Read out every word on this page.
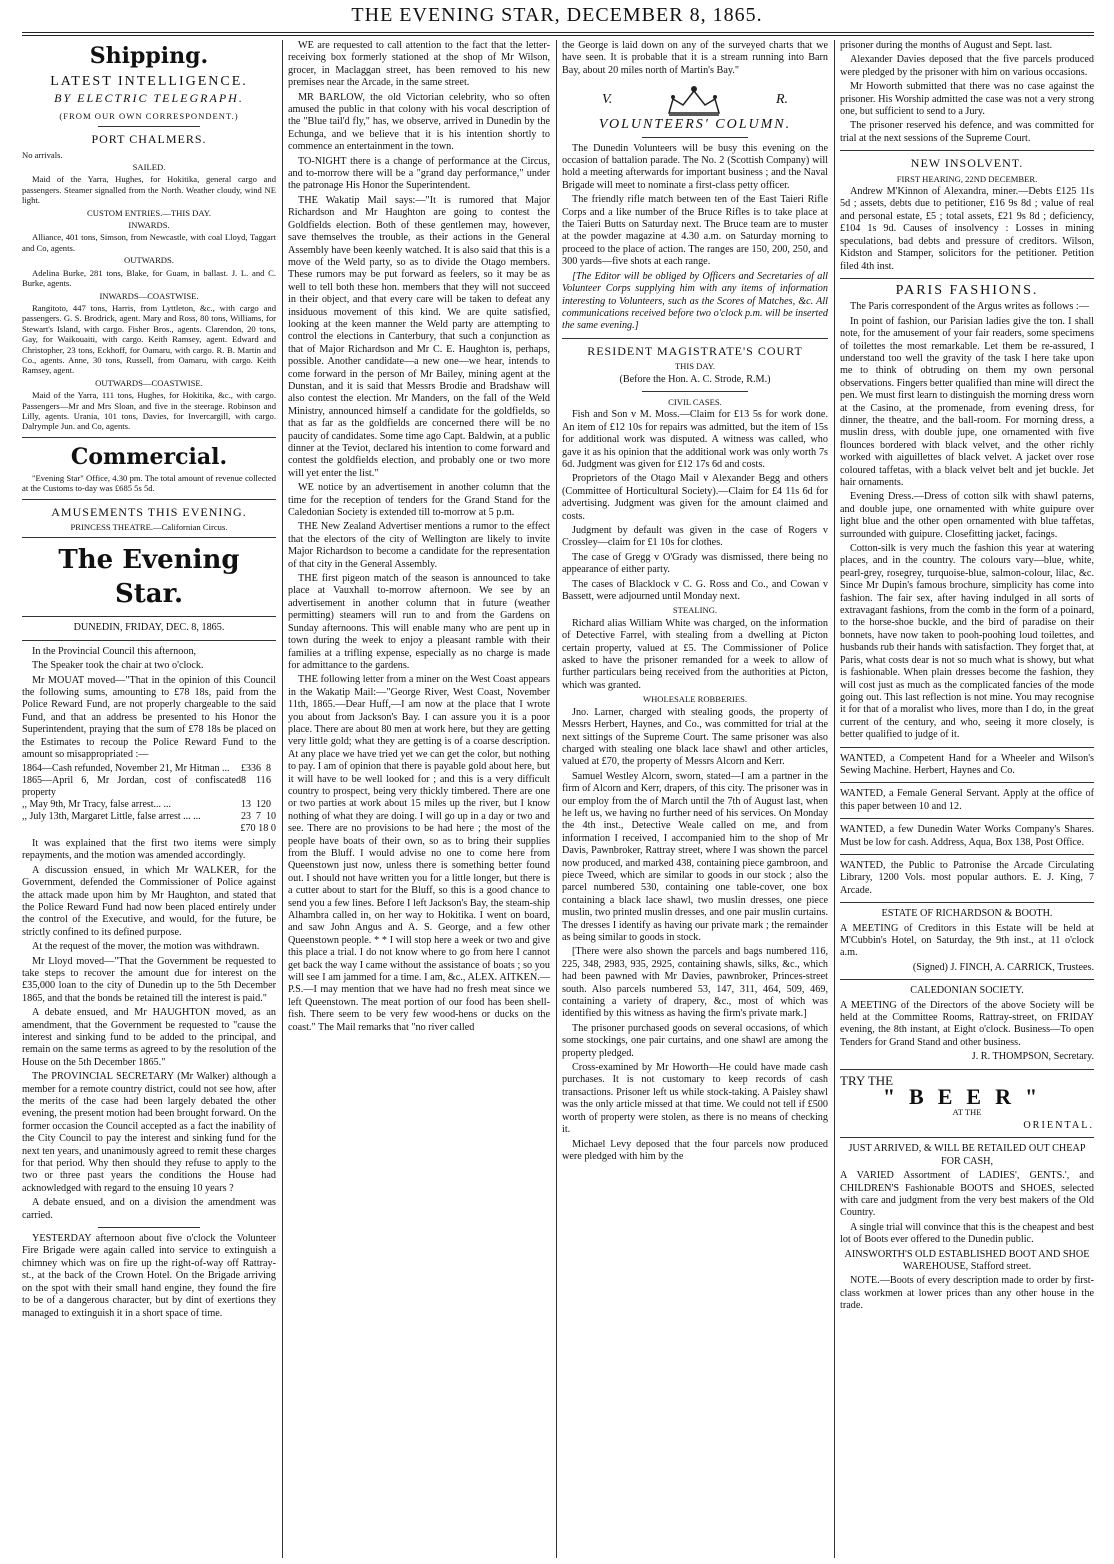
THE EVENING STAR, DECEMBER 8, 1865.
Shipping.
LATEST INTELLIGENCE.
BY ELECTRIC TELEGRAPH.
(FROM OUR OWN CORRESPONDENT.)
PORT CHALMERS.

No arrivals.

SAILED.

Maid of the Yarra, Hughes, for Hokitika, general cargo and passengers. Steamer signalled from the North. Weather cloudy, wind NE light.

CUSTOM ENTRIES.—THIS DAY.

INWARDS.

Alliance, 401 tons, Simson, from Newcastle, with coal Lloyd, Taggart and Co, agents.

OUTWARDS.

Adelina Burke, 281 tons, Blake, for Guam, in ballast. J. L. and C. Burke, agents.

INWARDS—COASTWISE.

Rangitoto, 447 tons, Harris, from Lyttleton, &c., with cargo and passengers. G. S. Brodrick, agent. Mary and Ross, 80 tons, Williams, for Stewart's Island, with cargo. Fisher Bros., agents. Clarendon, 20 tons, Gay, for Waikouaiti, with cargo. Keith Ramsey, agent. Edward and Christopher, 23 tons, Eckhoff, for Oamaru, with cargo. R. B. Martin and Co., agents. Anne, 30 tons, Russell, from Oamaru, with cargo. Keith Ramsey, agent.

OUTWARDS—COASTWISE.

Maid of the Yarra, 111 tons, Hughes, for Hokitika, &c., with cargo. Passengers—Mr and Mrs Sloan, and five in the steerage. Robinson and Lilly, agents. Urania, 101 tons, Davies, for Invercargill, with cargo. Dalrymple Jun. and Co, agents.

Commercial.

"Evening Star" Office, 4.30 pm. The total amount of revenue collected at the Customs to-day was £685 5s 5d.

AMUSEMENTS THIS EVENING.

PRINCESS THEATRE.—Californian Circus.

The Evening Star.

DUNEDIN, FRIDAY, DEC. 8, 1865.

In the Provincial Council this afternoon,

The Speaker took the chair at two o'clock.

Mr MOUAT moved—"That in the opinion of this Council the following sums, amounting to £78 18s, paid from the Police Reward Fund, are not properly chargeable to the said Fund, and that an address be presented to his Honor the Superintendent, praying that the sum of £78 18s be placed on the Estimates to recoup the Police Reward Fund to the amount so misappropriated :—

1864—Cash refunded, November 21, Mr Hitman ...	£33	6	8
1865—April 6, Mr Jordan, cost of confiscated property	8	11	6
,, May 9th, Mr Tracy, false arrest... ...	13	12	0
,, July 13th, Margaret Little, false arrest ... ...	23	7	10

£70 18 0

It was explained that the first two items were simply repayments, and the motion was amended accordingly.

A discussion ensued, in which Mr WALKER, for the Government, defended the Commissioner of Police against the attack made upon him by Mr Haughton, and stated that the Police Reward Fund had now been placed entirely under the control of the Executive, and would, for the future, be strictly confined to its defined purpose.

At the request of the mover, the motion was withdrawn.

Mr Lloyd moved—"That the Government be requested to take steps to recover the amount due for interest on the £35,000 loan to the city of Dunedin up to the 5th December 1865, and that the bonds be retained till the interest is paid."

A debate ensued, and Mr HAUGHTON moved, as an amendment, that the Government be requested to "cause the interest and sinking fund to be added to the principal, and remain on the same terms as agreed to by the resolution of the House on the 5th December 1865."

The PROVINCIAL SECRETARY (Mr Walker) although a member for a remote country district, could not see how, after the merits of the case had been largely debated the other evening, the present motion had been brought forward. On the former occasion the Council accepted as a fact the inability of the City Council to pay the interest and sinking fund for the next ten years, and unanimously agreed to remit these charges for that period. Why then should they refuse to apply to the two or three past years the conditions the House had acknowledged with regard to the ensuing 10 years ?

A debate ensued, and on a division the amendment was carried.

YESTERDAY afternoon about five o'clock the Volunteer Fire Brigade were again called into service to extinguish a chimney which was on fire up the right-of-way off Rattray-st., at the back of the Crown Hotel. On the Brigade arriving on the spot with their small hand engine, they found the fire to be of a dangerous character, but by dint of exertions they managed to extinguish it in a short space of time.

WE are requested to call attention to the fact that the letter-receiving box formerly stationed at the shop of Mr Wilson, grocer, in Maclaggan street, has been removed to his new premises near the Arcade, in the same street.

MR BARLOW, the old Victorian celebrity, who so often amused the public in that colony with his vocal description of the "Blue tail'd fly," has, we observe, arrived in Dunedin by the Echunga, and we believe that it is his intention shortly to commence an entertainment in the town.

TO-NIGHT there is a change of performance at the Circus, and to-morrow there will be a "grand day performance," under the patronage His Honor the Superintendent.

THE Wakatip Mail says:—"It is rumored that Major Richardson and Mr Haughton are going to contest the Goldfields election. Both of these gentlemen may, however, save themselves the trouble, as their actions in the General Assembly have been keenly watched. It is also said that this is a move of the Weld party, so as to divide the Otago members. These rumors may be put forward as feelers, so it may be as well to tell both these hon. members that they will not succeed in their object, and that every care will be taken to defeat any insiduous movement of this kind. We are quite satisfied, looking at the keen manner the Weld party are attempting to control the elections in Canterbury, that such a conjunction as that of Major Richardson and Mr C. E. Haughton is, perhaps, possible. Another candidate—a new one—we hear, intends to come forward in the person of Mr Bailey, mining agent at the Dunstan, and it is said that Messrs Brodie and Bradshaw will also contest the election. Mr Manders, on the fall of the Weld Ministry, announced himself a candidate for the goldfields, so that as far as the goldfields are concerned there will be no paucity of candidates. Some time ago Capt. Baldwin, at a public dinner at the Teviot, declared his intention to come forward and contest the goldfields election, and probably one or two more will yet enter the list."

WE notice by an advertisement in another column that the time for the reception of tenders for the Grand Stand for the Caledonian Society is extended till to-morrow at 5 p.m.

THE New Zealand Advertiser mentions a rumor to the effect that the electors of the city of Wellington are likely to invite Major Richardson to become a candidate for the representation of that city in the General Assembly.

THE first pigeon match of the season is announced to take place at Vauxhall to-morrow afternoon. We see by an advertisement in another column that in future (weather permitting) steamers will run to and from the Gardens on Sunday afternoons. This will enable many who are pent up in town during the week to enjoy a pleasant ramble with their families at a trifling expense, especially as no charge is made for admittance to the gardens.

THE following letter from a miner on the West Coast appears in the Wakatip Mail:—"George River, West Coast, November 11th, 1865.—Dear Huff,—I am now at the place that I wrote you about from Jackson's Bay. I can assure you it is a poor place. There are about 80 men at work here, but they are getting very little gold; what they are getting is of a coarse description. At any place we have tried yet we can get the color, but nothing to pay. I am of opinion that there is payable gold about here, but it will have to be well looked for ; and this is a very difficult country to prospect, being very thickly timbered. There are one or two parties at work about 15 miles up the river, but I know nothing of what they are doing. I will go up in a day or two and see. There are no provisions to be had here ; the most of the people have boats of their own, so as to bring their supplies from the Bluff. I would advise no one to come here from Queenstown just now, unless there is something better found out. I should not have written you for a little longer, but there is a cutter about to start for the Bluff, so this is a good chance to send you a few lines. Before I left Jackson's Bay, the steam-ship Alhambra called in, on her way to Hokitika. I went on board, and saw John Angus and A. S. George, and a few other Queenstown people. * * I will stop here a week or two and give this place a trial. I do not know where to go from here I cannot get back the way I came without the assistance of boats ; so you will see I am jammed for a time. I am, &c., ALEX. AITKEN.—P.S.—I may mention that we have had no fresh meat since we left Queenstown. The meat portion of our food has been shell-fish. There seem to be very few wood-hens or ducks on the coast." The Mail remarks that "no river called

the George is laid down on any of the surveyed charts that we have seen. It is probable that it is a stream running into Barn Bay, about 20 miles north of Martin's Bay."

V.	R.
VOLUNTEERS' COLUMN.

The Dunedin Volunteers will be busy this evening on the occasion of battalion parade. The No. 2 (Scottish Company) will hold a meeting afterwards for important business ; and the Naval Brigade will meet to nominate a first-class petty officer.

The friendly rifle match between ten of the East Taieri Rifle Corps and a like number of the Bruce Rifles is to take place at the Taieri Butts on Saturday next. The Bruce team are to muster at the powder magazine at 4.30 a.m. on Saturday morning to proceed to the place of action. The ranges are 150, 200, 250, and 300 yards—five shots at each range.

[The Editor will be obliged by Officers and Secretaries of all Volunteer Corps supplying him with any items of information interesting to Volunteers, such as the Scores of Matches, &c. All communications received before two o'clock p.m. will be inserted the same evening.]

RESIDENT MAGISTRATE'S COURT

THIS DAY.

(Before the Hon. A. C. Strode, R.M.)

CIVIL CASES.

Fish and Son v M. Moss.—Claim for £13 5s for work done. An item of £12 10s for repairs was admitted, but the item of 15s for additional work was disputed. A witness was called, who gave it as his opinion that the additional work was only worth 7s 6d. Judgment was given for £12 17s 6d and costs.

Proprietors of the Otago Mail v Alexander Begg and others (Committee of Horticultural Society).—Claim for £4 11s 6d for advertising. Judgment was given for the amount claimed and costs.

Judgment by default was given in the case of Rogers v Crossley—claim for £1 10s for clothes.

The case of Gregg v O'Grady was dismissed, there being no appearance of either party.

The cases of Blacklock v C. G. Ross and Co., and Cowan v Bassett, were adjourned until Monday next.

STEALING.

Richard alias William White was charged, on the information of Detective Farrel, with stealing from a dwelling at Picton certain property, valued at £5. The Commissioner of Police asked to have the prisoner remanded for a week to allow of further particulars being received from the authorities at Picton, which was granted.

WHOLESALE ROBBERIES.

Jno. Larner, charged with stealing goods, the property of Messrs Herbert, Haynes, and Co., was committed for trial at the next sittings of the Supreme Court. The same prisoner was also charged with stealing one black lace shawl and other articles, valued at £70, the property of Messrs Alcorn and Kerr.

Samuel Westley Alcorn, sworn, stated—I am a partner in the firm of Alcorn and Kerr, drapers, of this city. The prisoner was in our employ from the of March until the 7th of August last, when he left us, we having no further need of his services. On Monday the 4th inst., Detective Weale called on me, and from information I received, I accompanied him to the shop of Mr Davis, Pawnbroker, Rattray street, where I was shown the parcel now produced, and marked 438, containing piece gambroon, and piece Tweed, which are similar to goods in our stock ; also the parcel numbered 530, containing one table-cover, one box containing a black lace shawl, two muslin dresses, one piece muslin, two printed muslin dresses, and one pair muslin curtains. The dresses I identify as having our private mark ; the remainder as being similar to goods in stock.

[There were also shown the parcels and bags numbered 116, 225, 348, 2983, 935, 2925, containing shawls, silks, &c., which had been pawned with Mr Davies, pawnbroker, Princes-street south. Also parcels numbered 53, 147, 311, 464, 509, 469, containing a variety of drapery, &c., most of which was identified by this witness as having the firm's private mark.]

The prisoner purchased goods on several occasions, of which some stockings, one pair curtains, and one shawl are among the property pledged.

Cross-examined by Mr Howorth—He could have made cash purchases. It is not customary to keep records of cash transactions. Prisoner left us while stock-taking. A Paisley shawl was the only article missed at that time. We could not tell if £500 worth of property were stolen, as there is no means of checking it.

Michael Levy deposed that the four parcels now produced were pledged with him by the

prisoner during the months of August and Sept. last.

Alexander Davies deposed that the five parcels produced were pledged by the prisoner with him on various occasions.

Mr Howorth submitted that there was no case against the prisoner. His Worship admitted the case was not a very strong one, but sufficient to send to a Jury.

The prisoner reserved his defence, and was committed for trial at the next sessions of the Supreme Court.

NEW INSOLVENT.

FIRST HEARING, 22ND DECEMBER.

Andrew M'Kinnon of Alexandra, miner.—Debts £125 11s 5d ; assets, debts due to petitioner, £16 9s 8d ; value of real and personal estate, £5 ; total assets, £21 9s 8d ; deficiency, £104 1s 9d. Causes of insolvency : Losses in mining speculations, bad debts and pressure of creditors. Wilson, Kidston and Stamper, solicitors for the petitioner. Petition filed 4th inst.

PARIS FASHIONS.

The Paris correspondent of the Argus writes as follows :—

In point of fashion, our Parisian ladies give the ton. I shall note, for the amusement of your fair readers, some specimens of toilettes the most remarkable. Let them be re-assured, I understand too well the gravity of the task I here take upon me to think of obtruding on them my own personal observations. Fingers better qualified than mine will direct the pen. We must first learn to distinguish the morning dress worn at the Casino, at the promenade, from evening dress, for dinner, the theatre, and the ball-room. For morning dress, a muslin dress, with double jupe, one ornamented with five flounces bordered with black velvet, and the other richly worked with aiguillettes of black velvet. A jacket over rose coloured taffetas, with a black velvet belt and jet buckle. Jet hair ornaments.

Evening Dress.—Dress of cotton silk with shawl paterns, and double jupe, one ornamented with white guipure over light blue and the other open ornamented with blue taffetas, surrounded with guipure. Closefitting jacket, facings.

Cotton-silk is very much the fashion this year at watering places, and in the country. The colours vary—blue, white, pearl-grey, rosegrey, turquoise-blue, salmon-colour, lilac, &c. Since Mr Dupin's famous brochure, simplicity has come into fashion. The fair sex, after having indulged in all sorts of extravagant fashions, from the comb in the form of a poinard, to the horse-shoe buckle, and the bird of paradise on their bonnets, have now taken to pooh-poohing loud toilettes, and husbands rub their hands with satisfaction. They forget that, at Paris, what costs dear is not so much what is showy, but what is fashionable. When plain dresses become the fashion, they will cost just as much as the complicated fancies of the mode going out. This last reflection is not mine. You may recognise it for that of a moralist who lives, more than I do, in the great current of the century, and who, seeing it more closely, is better qualified to judge of it.

WANTED, a Competent Hand for a Wheeler and Wilson's Sewing Machine. Herbert, Haynes and Co.

WANTED, a Female General Servant. Apply at the office of this paper between 10 and 12.

WANTED, a few Dunedin Water Works Company's Shares. Must be low for cash. Address, Aqua, Box 138, Post Office.

WANTED, the Public to Patronise the Arcade Circulating Library, 1200 Vols. most popular authors. E. J. King, 7 Arcade.

ESTATE OF RICHARDSON & BOOTH.

A MEETING of Creditors in this Estate will be held at M'Cubbin's Hotel, on Saturday, the 9th inst., at 11 o'clock a.m.

(Signed) J. FINCH, A. CARRICK, Trustees.

CALEDONIAN SOCIETY.

A MEETING of the Directors of the above Society will be held at the Committee Rooms, Rattray-street, on FRIDAY evening, the 8th instant, at Eight o'clock. Business—To open Tenders for Grand Stand and other business.

J. R. THOMPSON, Secretary.

TRY THE

"BEER"

AT THE

ORIENTAL.

JUST ARRIVED, & WILL BE RETAILED OUT CHEAP FOR CASH,

A VARIED Assortment of LADIES', GENTS.', and CHILDREN'S Fashionable BOOTS and SHOES, selected with care and judgment from the very best makers of the Old Country.

A single trial will convince that this is the cheapest and best lot of Boots ever offered to the Dunedin public.

AINSWORTH'S OLD ESTABLISHED BOOT AND SHOE WAREHOUSE, Stafford street.

NOTE.—Boots of every description made to order by first-class workmen at lower prices than any other house in the trade.
